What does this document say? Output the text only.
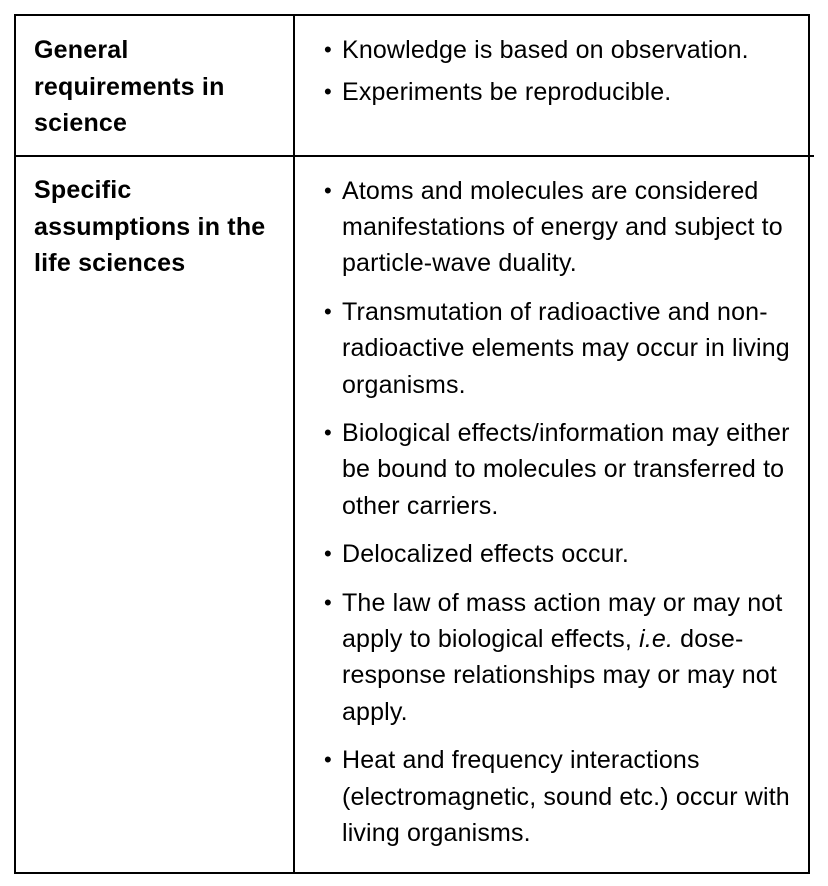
General requirements in science
• Knowledge is based on observation.
• Experiments be reproducible.
Specific assumptions in the life sciences
• Atoms and molecules are considered manifestations of energy and subject to particle-wave duality.
• Transmutation of radioactive and non-radioactive elements may occur in living organisms.
• Biological effects/information may either be bound to molecules or transferred to other carriers.
• Delocalized effects occur.
• The law of mass action may or may not apply to biological effects, i.e. dose-response relationships may or may not apply.
• Heat and frequency interactions (electromagnetic, sound etc.) occur with living organisms.
